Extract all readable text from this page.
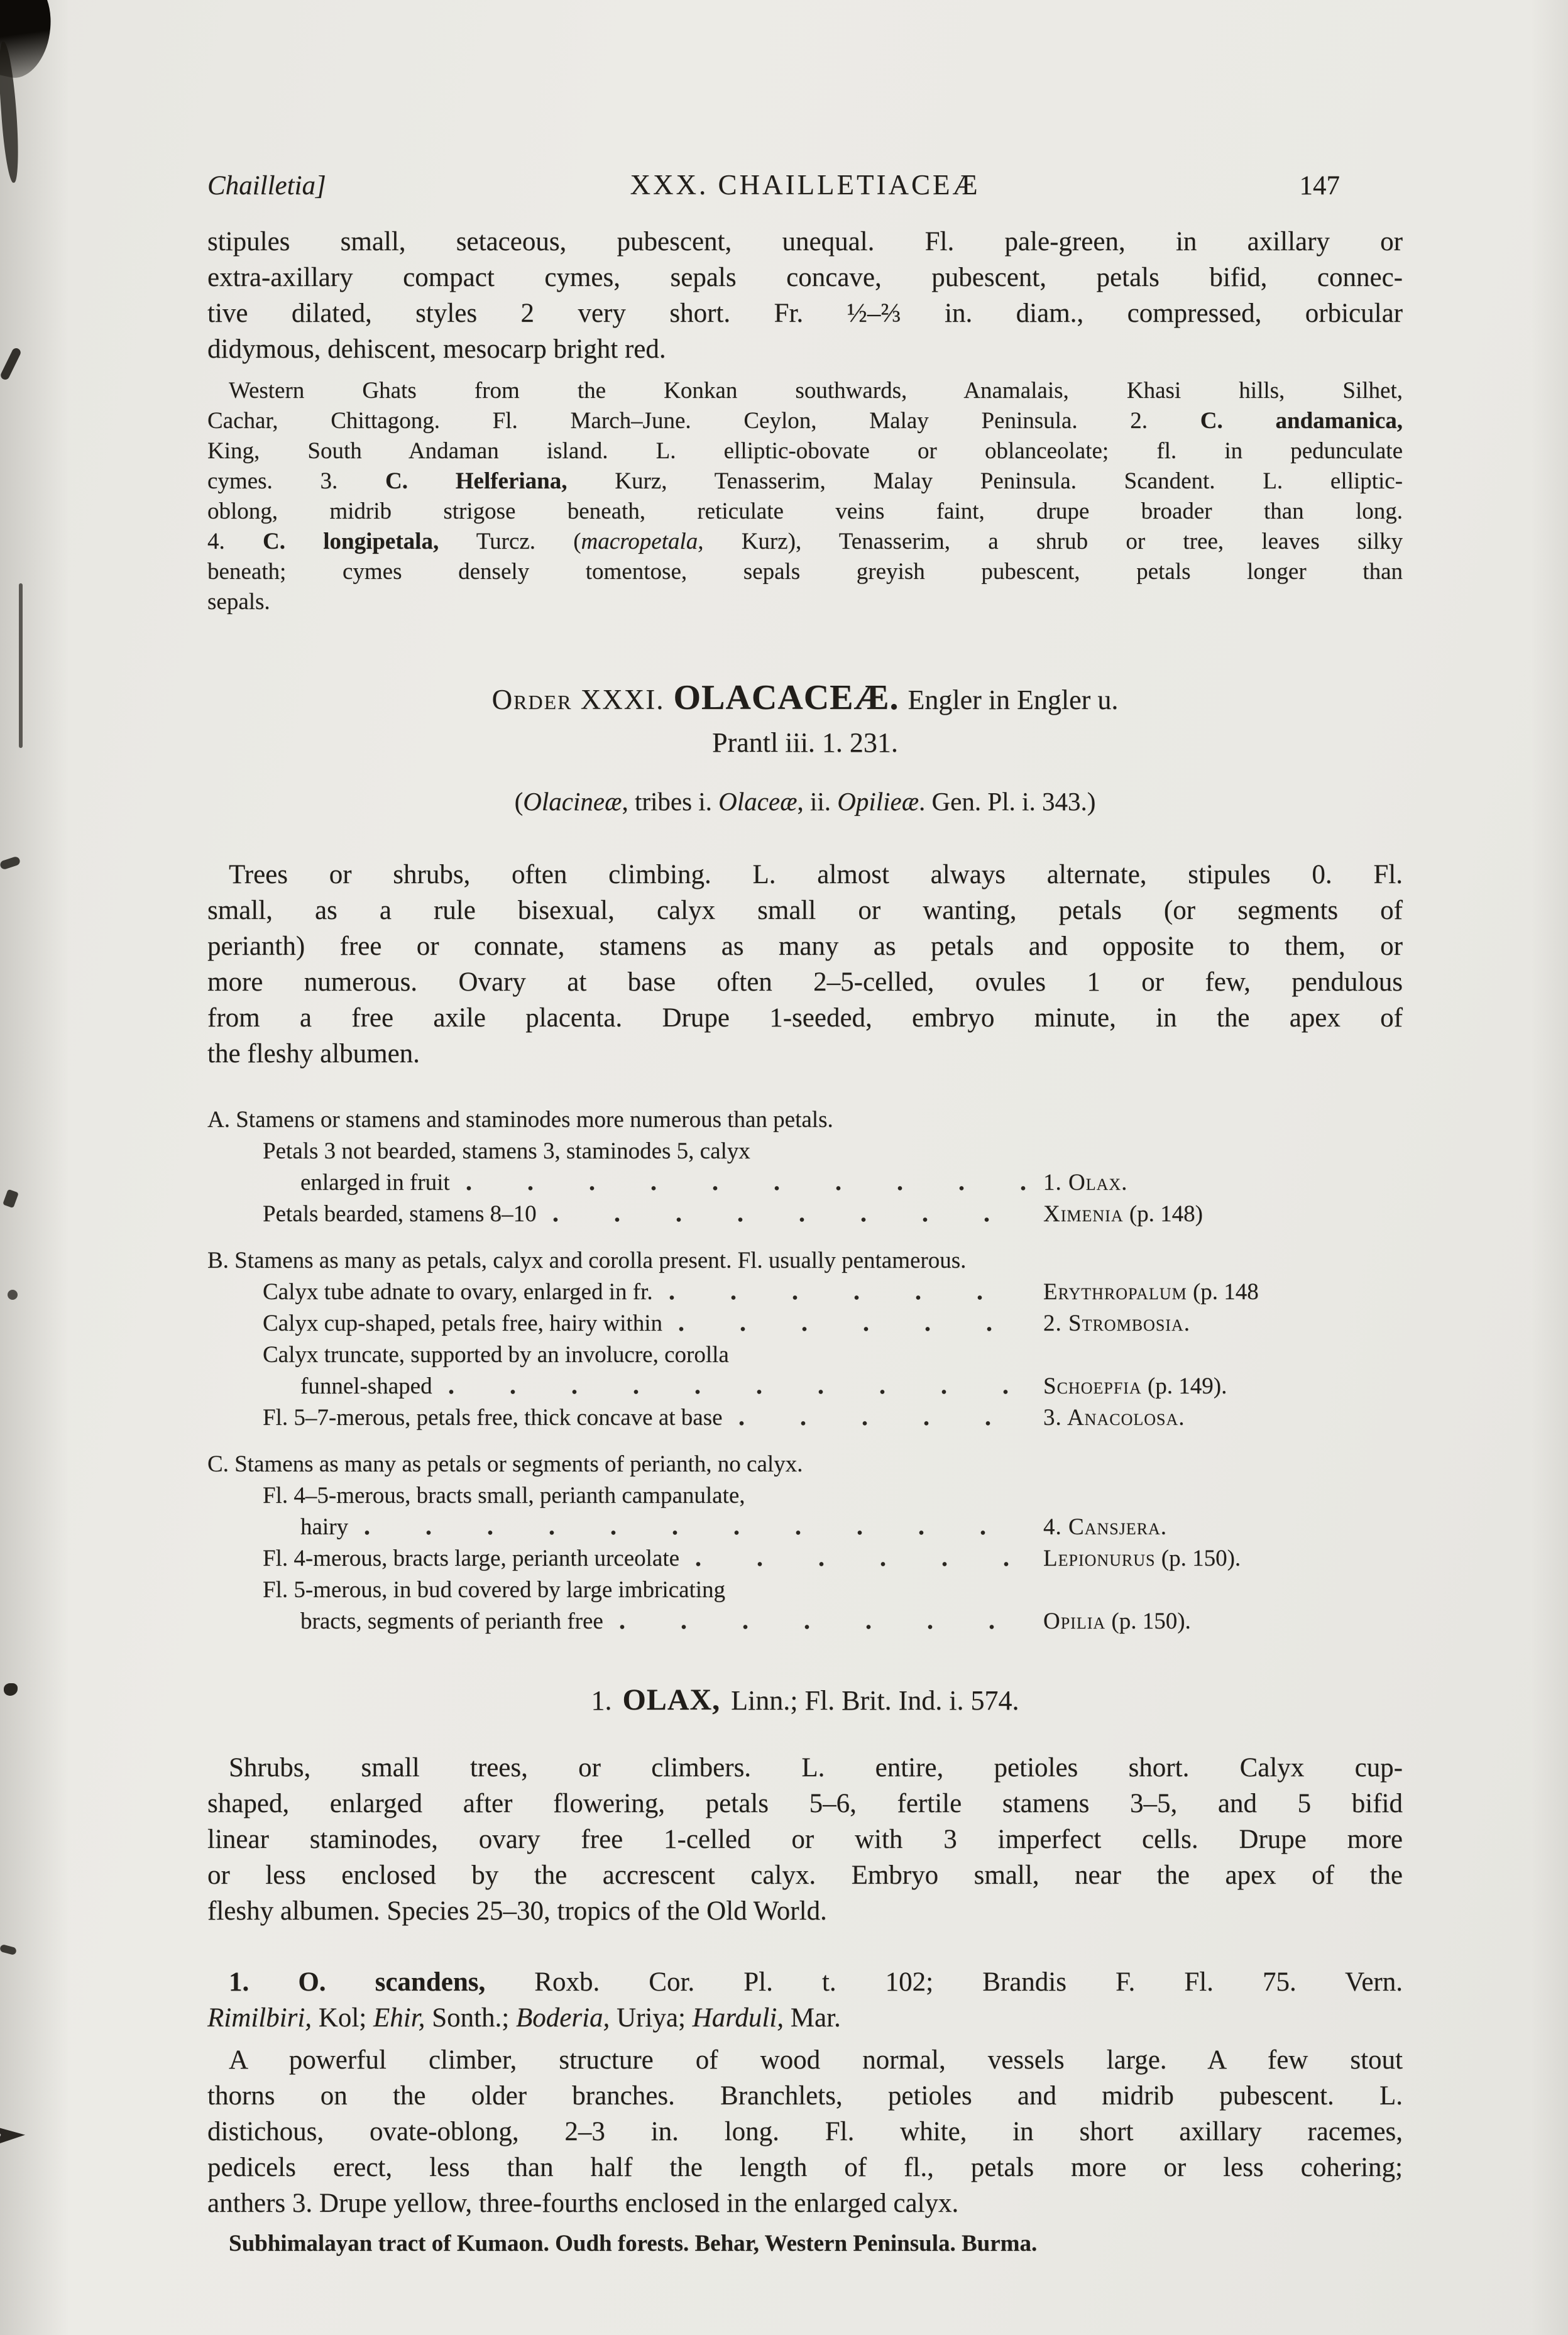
Chailletia]	XXX. CHAILLETIACEÆ	147
stipules small, setaceous, pubescent, unequal. Fl. pale-green, in axillary or
extra-axillary compact cymes, sepals concave, pubescent, petals bifid, connec-
tive dilated, styles 2 very short. Fr. ½–⅔ in. diam., compressed, orbicular
didymous, dehiscent, mesocarp bright red.
Western Ghats from the Konkan southwards, Anamalais, Khasi hills, Silhet,
Cachar, Chittagong. Fl. March–June. Ceylon, Malay Peninsula. 2. C. andamanica,
King, South Andaman island. L. elliptic-obovate or oblanceolate; fl. in pedunculate
cymes. 3. C. Helferiana, Kurz, Tenasserim, Malay Peninsula. Scandent. L. elliptic-
oblong, midrib strigose beneath, reticulate veins faint, drupe broader than long.
4. C. longipetala, Turcz. (macropetala, Kurz), Tenasserim, a shrub or tree, leaves silky
beneath; cymes densely tomentose, sepals greyish pubescent, petals longer than
sepals.
Order XXXI. OLACACEÆ. Engler in Engler u.
Prantl iii. 1. 231.
(Olacineæ, tribes i. Olaceæ, ii. Opilieæ. Gen. Pl. i. 343.)
Trees or shrubs, often climbing. L. almost always alternate, stipules 0. Fl.
small, as a rule bisexual, calyx small or wanting, petals (or segments of
perianth) free or connate, stamens as many as petals and opposite to them, or
more numerous. Ovary at base often 2–5-celled, ovules 1 or few, pendulous
from a free axile placenta. Drupe 1-seeded, embryo minute, in the apex of
the fleshy albumen.
A. Stamens or stamens and staminodes more numerous than petals.
Petals 3 not bearded, stamens 3, staminodes 5, calyx
enlarged in fruit	1. Olax.
Petals bearded, stamens 8–10	Ximenia (p. 148)
B. Stamens as many as petals, calyx and corolla present. Fl. usually pentamerous.
Calyx tube adnate to ovary, enlarged in fr.	Erythropalum (p. 148
Calyx cup-shaped, petals free, hairy within	2. Strombosia.
Calyx truncate, supported by an involucre, corolla
funnel-shaped	Schoepfia (p. 149).
Fl. 5–7-merous, petals free, thick concave at base	3. Anacolosa.
C. Stamens as many as petals or segments of perianth, no calyx.
Fl. 4–5-merous, bracts small, perianth campanulate,
hairy	4. Cansjera.
Fl. 4-merous, bracts large, perianth urceolate	Lepionurus (p. 150).
Fl. 5-merous, in bud covered by large imbricating
bracts, segments of perianth free	Opilia (p. 150).
1. OLAX, Linn.; Fl. Brit. Ind. i. 574.
Shrubs, small trees, or climbers. L. entire, petioles short. Calyx cup-
shaped, enlarged after flowering, petals 5–6, fertile stamens 3–5, and 5 bifid
linear staminodes, ovary free 1-celled or with 3 imperfect cells. Drupe more
or less enclosed by the accrescent calyx. Embryo small, near the apex of the
fleshy albumen. Species 25–30, tropics of the Old World.
1. O. scandens, Roxb. Cor. Pl. t. 102; Brandis F. Fl. 75. Vern.
Rimilbiri, Kol; Ehir, Sonth.; Boderia, Uriya; Harduli, Mar.
A powerful climber, structure of wood normal, vessels large. A few stout
thorns on the older branches. Branchlets, petioles and midrib pubescent. L.
distichous, ovate-oblong, 2–3 in. long. Fl. white, in short axillary racemes,
pedicels erect, less than half the length of fl., petals more or less cohering;
anthers 3. Drupe yellow, three-fourths enclosed in the enlarged calyx.
Subhimalayan tract of Kumaon. Oudh forests. Behar, Western Peninsula. Burma.
